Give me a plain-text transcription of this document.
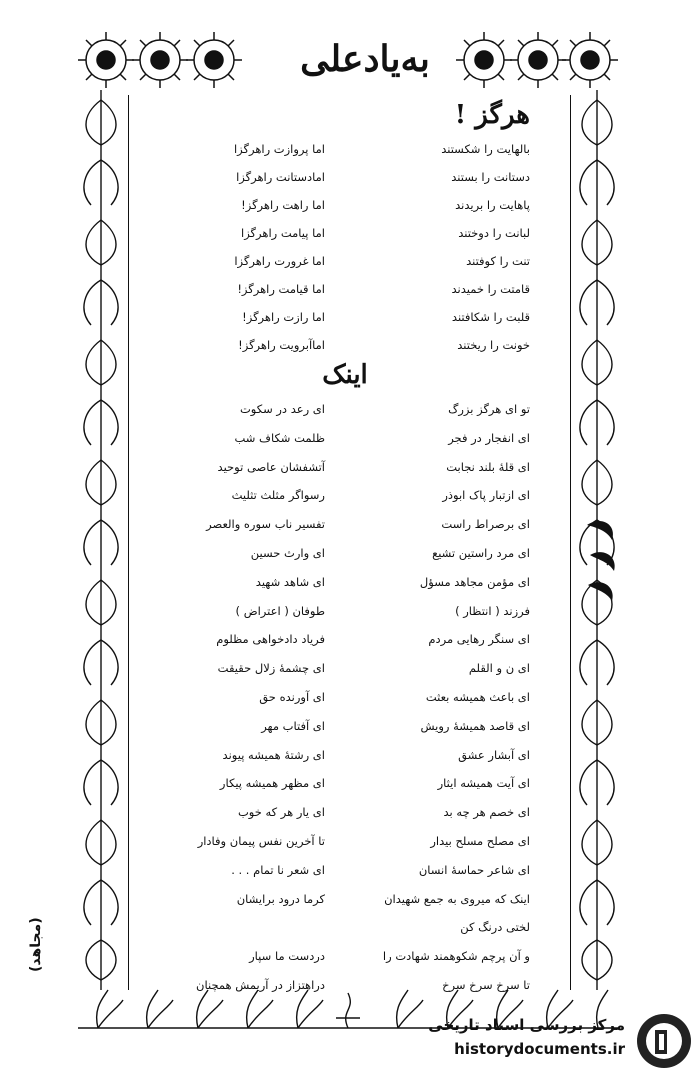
به‌یادعلی
هرگز !
بالهایت را شکستند
اما پروازت راهرگزا
دستانت را بستند
امادستانت راهرگزا
پاهایت را بریدند
اما راهت راهرگز!
لبانت را دوختند
اما پیامت راهرگزا
تنت را کوفتند
اما غرورت راهرگزا
قامتت را خمیدند
اما قیامت راهرگز!
قلبت را شکافتند
اما رازت راهرگز!
خونت را ریختند
اماآبرویت راهرگز!
اینک
تو ای هرگز بزرگ
ای رعد در سکوت
ای انفجار در فجر
ظلمت شکاف شب
ای قلهٔ بلند نجابت
آتشفشان عاصی توحید
ای ازتبار پاک ابوذر
رسواگر مثلث تثلیث
ای برصراط راست
تفسیر ناب سوره والعصر
ای مرد راستین تشیع
ای وارث حسین
ای مؤمن مجاهد مسؤل
ای شاهد شهید
فرزند ( انتظار )
طوفان ( اعتراض )
ای سنگر رهایی مردم
فریاد دادخواهی مظلوم
ای ن و القلم
ای چشمهٔ زلال حقیقت
ای باعث همیشه بعثت
ای آورنده حق
ای قاصد همیشهٔ رویش
ای آفتاب مهر
ای آبشار عشق
ای رشتهٔ همیشه پیوند
ای آیت همیشه ایثار
ای مظهر همیشه پیکار
ای خصم هر چه بد
ای یار هر که خوب
ای مصلح مسلح بیدار
تا آخرین نفس پیمان وفادار
ای شاعر حماسهٔ انسان
ای شعر نا تمام . . .
اینک که میروی به جمع شهیدان
کرما درود برایشان
لختی درنگ کن
و آن پرچم شکوهمند شهادت را
دردست ما سپار
تا سرخ سرخ سرخ
دراهتزاز در آریمش همچنان
(مجاهد)
مرکز بررسی اسناد تاریخی
historydocuments.ir
